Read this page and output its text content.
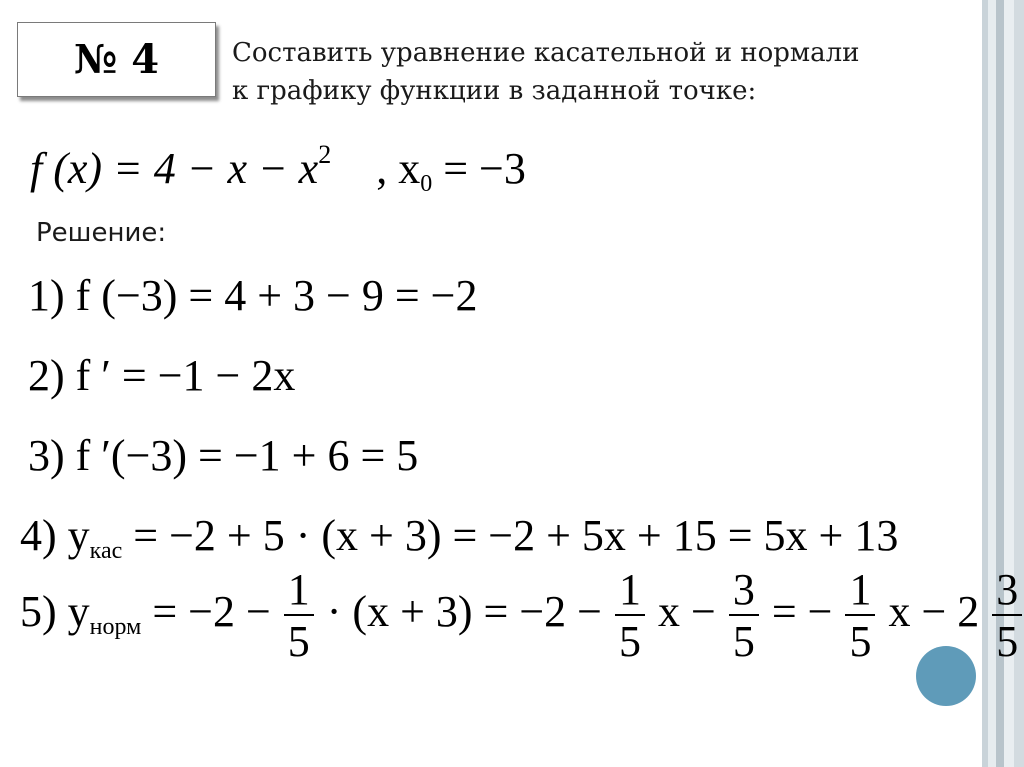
№ 4	Составить уравнение касательной и нормали
к графику функции в заданной точке:
f $(x) = 4 - x - x^2$ , $x_0 = -3$
Решение:
1) f (−3) = 4 + 3 − 9 = −2
2) f ′ = −1 − 2x
3) f ′(−3) = −1 + 6 = 5
4) $y_{кас} = -2 + 5 \cdot (x + 3) = -2 + 5x + 15 = 5x + 13$
5) $y_{норм} = -2 - \frac{1}{5} \cdot (x + 3) = -2 - \frac{1}{5}$ $x - \frac{3}{5}$ = − $\frac{1}{5}$ $x - 2 \frac{3}{5}$
